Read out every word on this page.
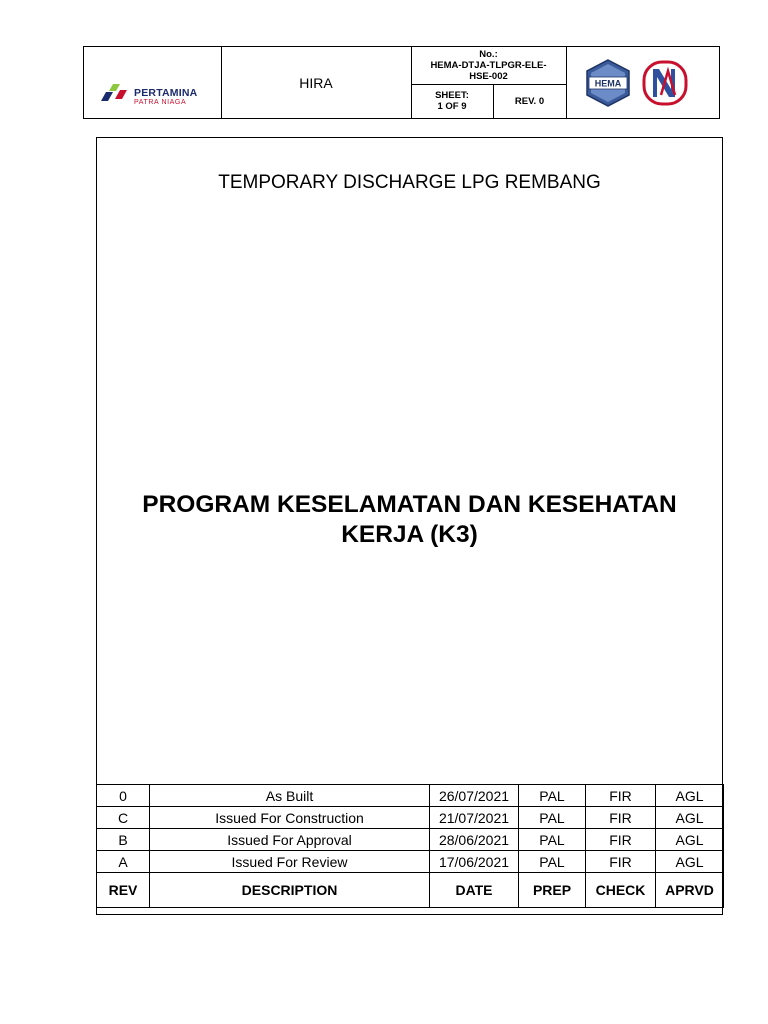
PERTAMINA
PATRA NIAGA
HIRA
No.:
HEMA-DTJA-TLPGR-ELE-
HSE-002
SHEET:
1 OF 9	REV. 0
HEMA
TEMPORARY DISCHARGE LPG REMBANG
PROGRAM KESELAMATAN DAN KESEHATAN
KERJA (K3)
0	As Built	26/07/2021	PAL	FIR	AGL
C	Issued For Construction	21/07/2021	PAL	FIR	AGL
B	Issued For Approval	28/06/2021	PAL	FIR	AGL
A	Issued For Review	17/06/2021	PAL	FIR	AGL
REV	DESCRIPTION	DATE	PREP	CHECK	APRVD
